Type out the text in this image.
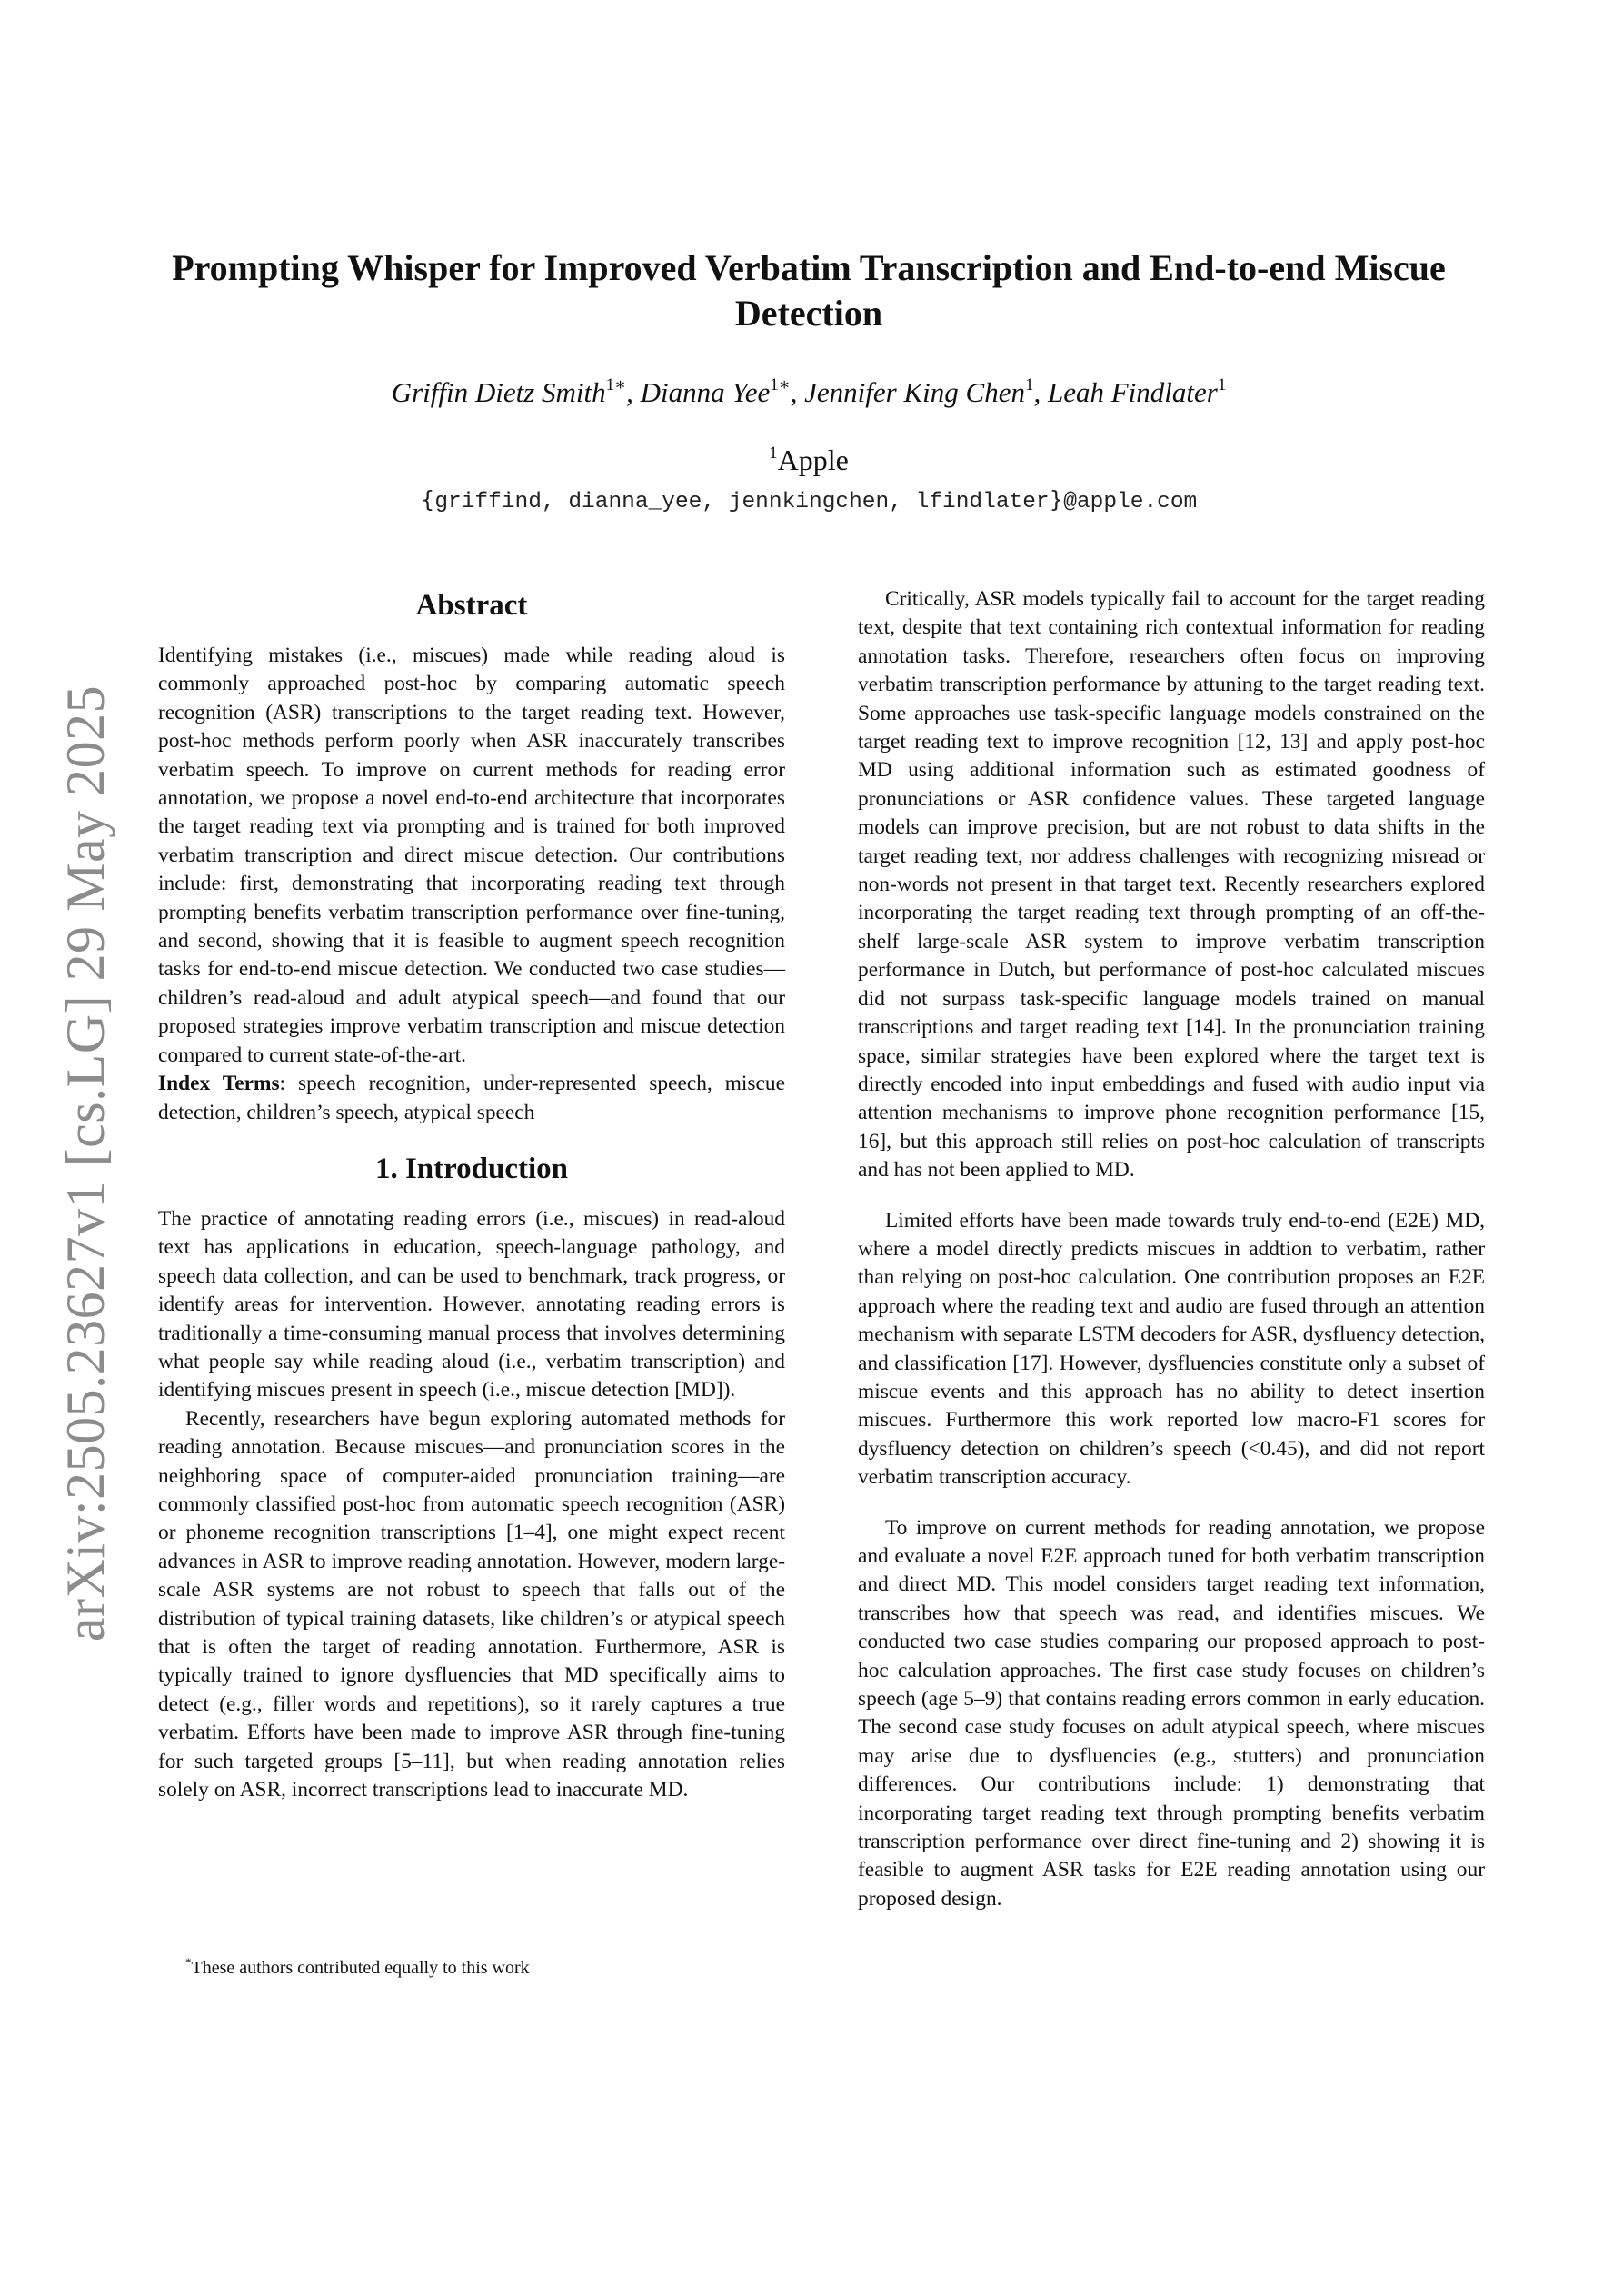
arXiv:2505.23627v1 [cs.LG] 29 May 2025
Prompting Whisper for Improved Verbatim Transcription and End-to-end Miscue Detection
Griffin Dietz Smith$^{1∗}$, Dianna Yee$^{1∗}$, Jennifer King Chen$^1$, Leah Findlater$^1$
$^1$Apple
{griffind, dianna_yee, jennkingchen, lfindlater}@apple.com
Abstract

Identifying mistakes (i.e., miscues) made while reading aloud is commonly approached post-hoc by comparing automatic speech recognition (ASR) transcriptions to the target reading text. However, post-hoc methods perform poorly when ASR inaccurately transcribes verbatim speech. To improve on current methods for reading error annotation, we propose a novel end-to-end architecture that incorporates the target reading text via prompting and is trained for both improved verbatim transcription and direct miscue detection. Our contributions include: first, demonstrating that incorporating reading text through prompting benefits verbatim transcription performance over fine-tuning, and second, showing that it is feasible to augment speech recognition tasks for end-to-end miscue detection. We conducted two case studies—children’s read-aloud and adult atypical speech—and found that our proposed strategies improve verbatim transcription and miscue detection compared to current state-of-the-art.

Index Terms: speech recognition, under-represented speech, miscue detection, children’s speech, atypical speech

1. Introduction

The practice of annotating reading errors (i.e., miscues) in read-aloud text has applications in education, speech-language pathology, and speech data collection, and can be used to benchmark, track progress, or identify areas for intervention. However, annotating reading errors is traditionally a time-consuming manual process that involves determining what people say while reading aloud (i.e., verbatim transcription) and identifying miscues present in speech (i.e., miscue detection [MD]).

Recently, researchers have begun exploring automated methods for reading annotation. Because miscues—and pronunciation scores in the neighboring space of computer-aided pronunciation training—are commonly classified post-hoc from automatic speech recognition (ASR) or phoneme recognition transcriptions [1–4], one might expect recent advances in ASR to improve reading annotation. However, modern large-scale ASR systems are not robust to speech that falls out of the distribution of typical training datasets, like children’s or atypical speech that is often the target of reading annotation. Furthermore, ASR is typically trained to ignore dysfluencies that MD specifically aims to detect (e.g., filler words and repetitions), so it rarely captures a true verbatim. Efforts have been made to improve ASR through fine-tuning for such targeted groups [5–11], but when reading annotation relies solely on ASR, incorrect transcriptions lead to inaccurate MD.

Critically, ASR models typically fail to account for the target reading text, despite that text containing rich contextual information for reading annotation tasks. Therefore, researchers often focus on improving verbatim transcription performance by attuning to the target reading text. Some approaches use task-specific language models constrained on the target reading text to improve recognition [12, 13] and apply post-hoc MD using additional information such as estimated goodness of pronunciations or ASR confidence values. These targeted language models can improve precision, but are not robust to data shifts in the target reading text, nor address challenges with recognizing misread or non-words not present in that target text. Recently researchers explored incorporating the target reading text through prompting of an off-the-shelf large-scale ASR system to improve verbatim transcription performance in Dutch, but performance of post-hoc calculated miscues did not surpass task-specific language models trained on manual transcriptions and target reading text [14]. In the pronunciation training space, similar strategies have been explored where the target text is directly encoded into input embeddings and fused with audio input via attention mechanisms to improve phone recognition performance [15, 16], but this approach still relies on post-hoc calculation of transcripts and has not been applied to MD.

Limited efforts have been made towards truly end-to-end (E2E) MD, where a model directly predicts miscues in addtion to verbatim, rather than relying on post-hoc calculation. One contribution proposes an E2E approach where the reading text and audio are fused through an attention mechanism with separate LSTM decoders for ASR, dysfluency detection, and classification [17]. However, dysfluencies constitute only a subset of miscue events and this approach has no ability to detect insertion miscues. Furthermore this work reported low macro-F1 scores for dysfluency detection on children’s speech (<0.45), and did not report verbatim transcription accuracy.

To improve on current methods for reading annotation, we propose and evaluate a novel E2E approach tuned for both verbatim transcription and direct MD. This model considers target reading text information, transcribes how that speech was read, and identifies miscues. We conducted two case studies comparing our proposed approach to post-hoc calculation approaches. The first case study focuses on children’s speech (age 5–9) that contains reading errors common in early education. The second case study focuses on adult atypical speech, where miscues may arise due to dysfluencies (e.g., stutters) and pronunciation differences. Our contributions include: 1) demonstrating that incorporating target reading text through prompting benefits verbatim transcription performance over direct fine-tuning and 2) showing it is feasible to augment ASR tasks for E2E reading annotation using our proposed design.

*These authors contributed equally to this work
